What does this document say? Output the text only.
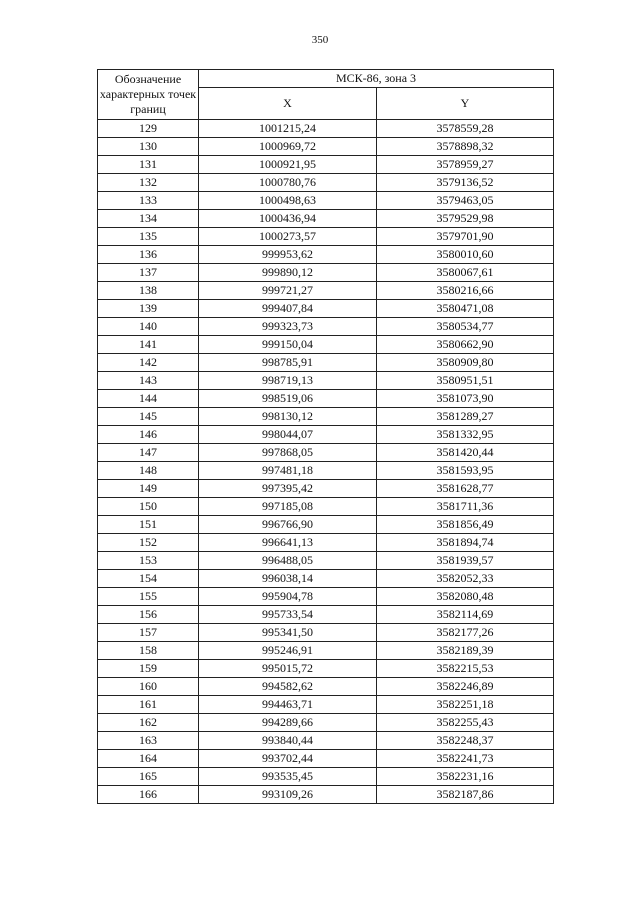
350
Обозначение характерных точек границ	МСК-86, зона 3	
	X	Y
129	1001215,24	3578559,28
130	1000969,72	3578898,32
131	1000921,95	3578959,27
132	1000780,76	3579136,52
133	1000498,63	3579463,05
134	1000436,94	3579529,98
135	1000273,57	3579701,90
136	999953,62	3580010,60
137	999890,12	3580067,61
138	999721,27	3580216,66
139	999407,84	3580471,08
140	999323,73	3580534,77
141	999150,04	3580662,90
142	998785,91	3580909,80
143	998719,13	3580951,51
144	998519,06	3581073,90
145	998130,12	3581289,27
146	998044,07	3581332,95
147	997868,05	3581420,44
148	997481,18	3581593,95
149	997395,42	3581628,77
150	997185,08	3581711,36
151	996766,90	3581856,49
152	996641,13	3581894,74
153	996488,05	3581939,57
154	996038,14	3582052,33
155	995904,78	3582080,48
156	995733,54	3582114,69
157	995341,50	3582177,26
158	995246,91	3582189,39
159	995015,72	3582215,53
160	994582,62	3582246,89
161	994463,71	3582251,18
162	994289,66	3582255,43
163	993840,44	3582248,37
164	993702,44	3582241,73
165	993535,45	3582231,16
166	993109,26	3582187,86
